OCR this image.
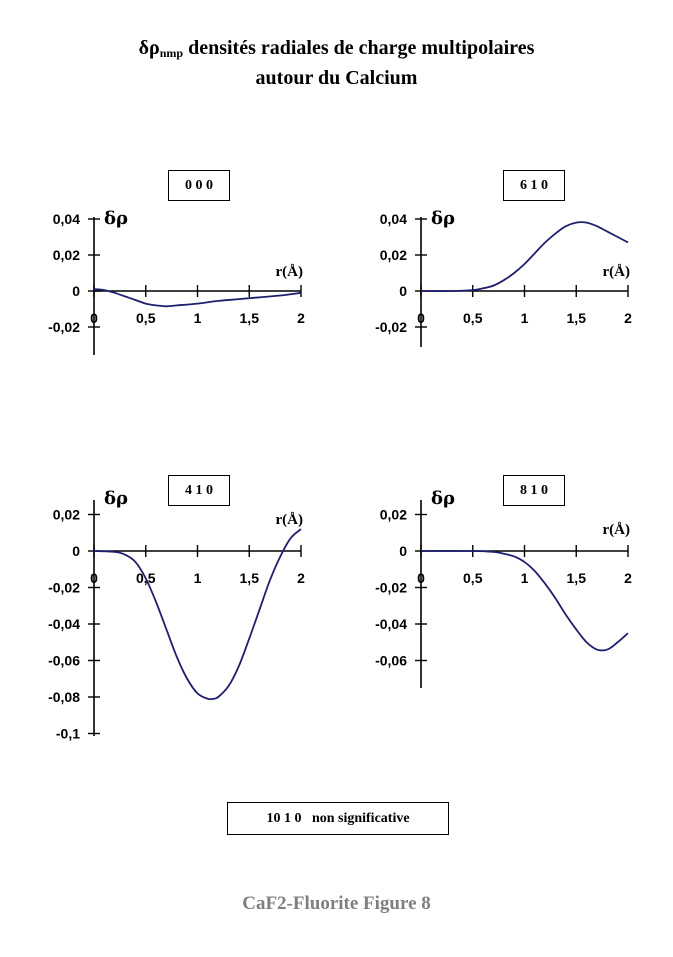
$\delta\rho_{nmp}$ densités radiales de charge multipolaires
autour du Calcium
0,04
0,02
0
-0,02
0	0,5	1	1,5	2
δρ
r(Å)
0,04
0,02
0
-0,02
0	0,5	1	1,5	2
δρ
r(Å)
0,02
0
-0,02
-0,04
-0,06
-0,08
-0,1
0	0,5	1	1,5	2
δρ
r(Å)	0,02
0
-0,02
-0,04
-0,06
0	0,5	1	1,5	2
δρ
r(Å)
0 0 0	6 1 0
4 1 0	8 1 0
10 1 0   non significative
CaF2-Fluorite Figure 8
